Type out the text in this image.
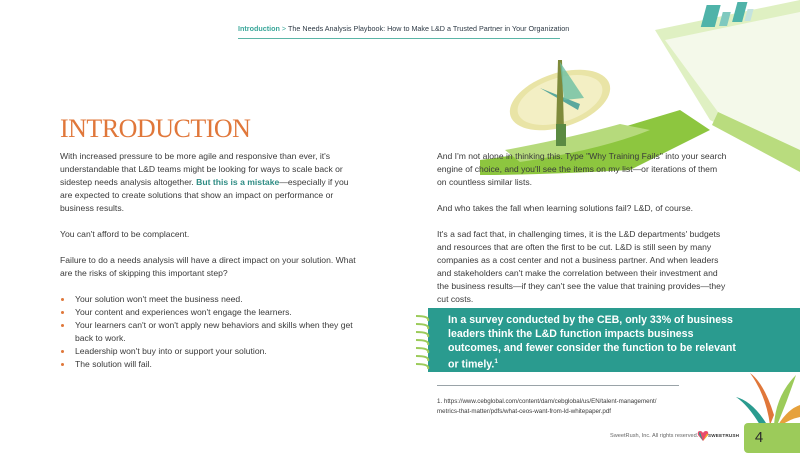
Introduction > The Needs Analysis Playbook: How to Make L&D a Trusted Partner in Your Organization
INTRODUCTION

With increased pressure to be more agile and responsive than ever, it's understandable that L&D teams might be looking for ways to scale back or sidestep needs analysis altogether. But this is a mistake—especially if you are expected to create solutions that show an impact on performance or business results.

You can't afford to be complacent.

Failure to do a needs analysis will have a direct impact on your solution. What are the risks of skipping this important step?

Your solution won't meet the business need.
Your content and experiences won't engage the learners.
Your learners can't or won't apply new behaviors and skills when they get back to work.
Leadership won't buy into or support your solution.
The solution will fail.

And I'm not alone in thinking this. Type "Why Training Fails" into your search engine of choice, and you'll see the items on my list—or iterations of them on countless similar lists.

And who takes the fall when learning solutions fail? L&D, of course.

It's a sad fact that, in challenging times, it is the L&D departments' budgets and resources that are often the first to be cut. L&D is still seen by many companies as a cost center and not a business partner. And when leaders and stakeholders can't make the correlation between their investment and the business results—if they can't see the value that training provides—they cut costs.

In a survey conducted by the CEB, only 33% of business leaders think the L&D function impacts business outcomes, and fewer consider the function to be relevant or timely.$^1$
1. https://www.cebglobal.com/content/dam/cebglobal/us/EN/talent-management/
metrics-that-matter/pdfs/what-ceos-want-from-ld-whitepaper.pdf
SweetRush, Inc. All rights reserved. SWEETRUSH	4
